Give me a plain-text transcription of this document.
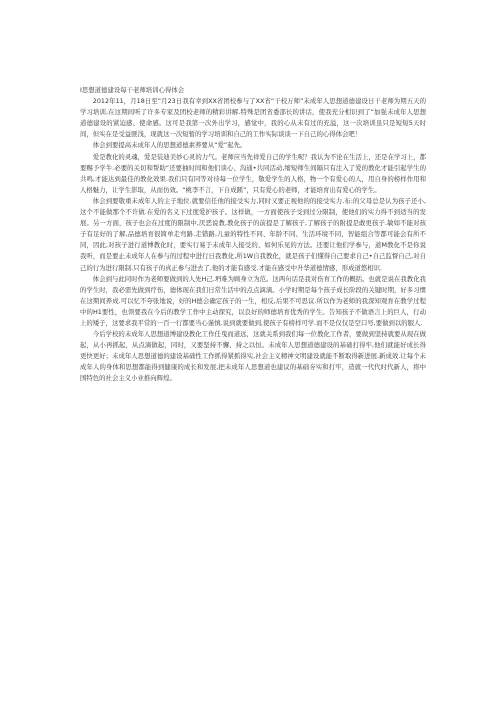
I思想道德建设每干老师培训心得体会

2012年11，月18日至”月23日我有幸到XX省团校参与了XX省“干校万师”未成年人思想道德建设日干老师为期五天的学习培训,在这期间听了许多专家及团校老师的精彩讲解.特殊是团省委部长的讲话，使我充分相识到了“加强未成年人思想道德建设的紧迫感、使命感。这可是我第一次外出学习，感觉中，我的心从未有过的充溢，这一次培训虽只是短短5天时间，但实在是受益匪浅，现就这一次短暂的学习培训和自己的工作实际谈谈一下自己的心得体会吧！

体会到要提高未成年人的思想道德素养要从“爱”起先。

爱是教化的灵魂，爱是装迪美妙心灵的力气。老师应当先祥爱自己的学生呢？我认为不论在生活上，还是在学习上，都要赐予学牛.必要的关切和帮助”还要抽时间和他们谈心、沟通•共同活动,缩短师生间隔只有注入了爱的教化才能引起学生的共鸣,才能达到最佳的教化效果.我们只有同等对待每一位学生，敬爱学生的人格，物一个有爱心的人，用自身的榜样作用和人格魅力，让学生影取，从而仿效。“桃李不言，下自成蹊”，只有爱心的老师，才能培育出有爱心的学生。

体会到要敬重未成年人的主子地位.就要信任他的接受实力,同时又要正视他的的接受实力.布:的父母总是认为孩子还小,这个不能做那个不许做.在爱的名义下过度爱护孩子。这样做，一方面使孩子受到过分限制，使他们的实力得不到适当的发展。另一方面，孩子也会在过度的限制中,厌恶说教,教化孩子的前提是了解孩子,了解孩子的附提是敢更孩子.敏如不能对孩子有足好的了解,品德培育很简单走弯路.走错路,儿童的特性不同、年龄不同、生活环境不同、智能组合等都可能会有所不同，因此,对孩子进行道博教化时，要实行易于未成年人接受的、如何乐见的方法。还要让他们学参与，道M教化不是你说我听，而是要止未成年人在参与的过程中进行日我教化,所1W自我教化，就是孩子们懂得自己要求自己•自己监督自己,对自己的行为进行限制.只有孩子的真正参与进去了,他的才能有感受.才能在感受中升华道德情感，形成道悠相识.

体会到与此同时作为老师要做到的人先H己.坍难为顾身立为范。这两句话是我对伤育工作的概括。也就是说在我教化我的学生时，我必需先做到疗伤，德体现在我们日常生活中的点点滴滴。小学时期是每个孩子成长阶段的关键时期，好多习惯在这期间养成.可以忆不夸张地说，好的H德会确定孩子的一生，相反,后果不可思议.所以作为老师的我深知观育在教学过程中的H1要性，也领要我在今后的教学工作中主动探究，以良好的师德培育优秀的学生。告知孩子不做语言上的巨人，行动上的矮子，这要求我平常的一百一行都要当心谨慎.说到就要做到,使孩子有榜样可学.而不是仅仅是空口号,要做到以的服人.

今后学校的未成年人思想道博建设教化工作任曳而道远，这就关系到我们每一位教化工作者，要做到坚持就要从现在做起，从小再抓起，从点滴做起，同时，又要坚持不懈、持之以恒。未成年人思想道德建设的基础打得牢,他们就能好成长得更快更好；未成年人思想道德的建设基础性工作抓得紧抓得实,社会主义精神文明建设就能不断取得新进展.新成效.让每个未成年人的身体和思想都能得到健康的成长和发展,把未成年人思想道也建议的基础夯实和打牢，造就一代代时代新人，将中国特色的社会主义小业推向辉煌。
